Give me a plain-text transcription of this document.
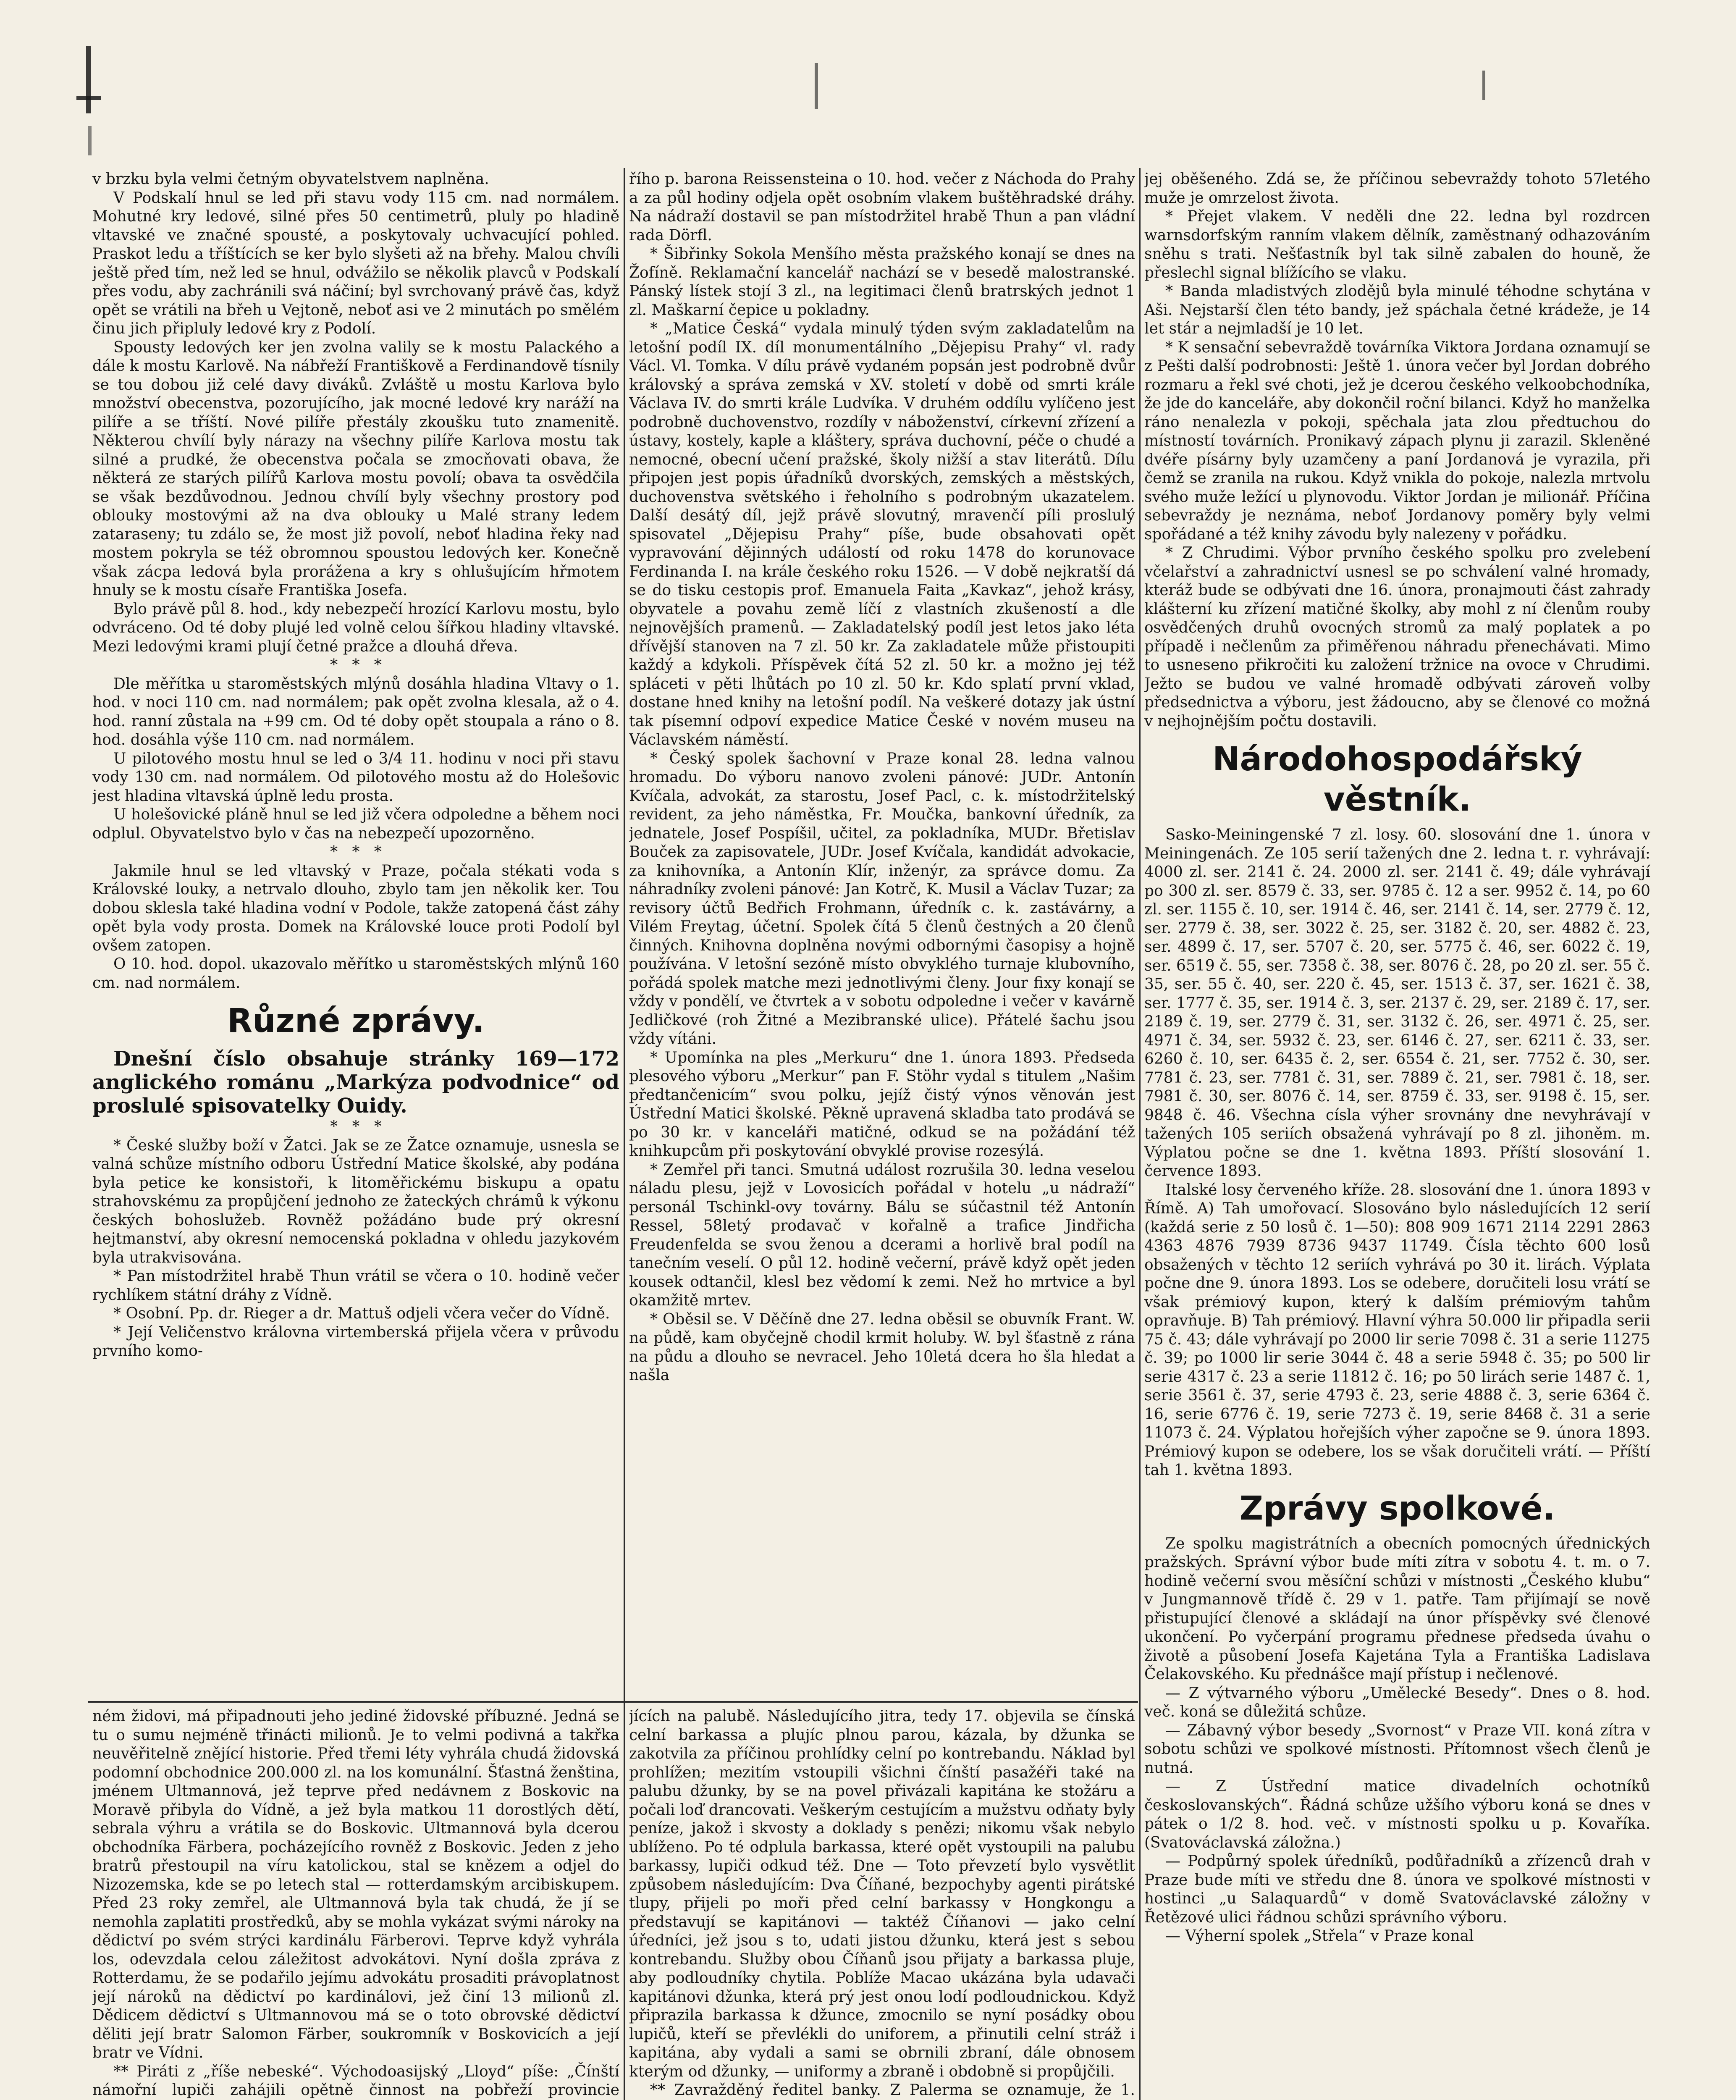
v brzku byla velmi četným obyvatelstvem naplněna.

V Podskalí hnul se led při stavu vody 115 cm. nad normálem. Mohutné kry ledové, silné přes 50 centimetrů, pluly po hladině vltavské ve značné spousté, a poskytovaly uchvacující pohled. Praskot ledu a tříštících se ker bylo slyšeti až na břehy. Malou chvíli ještě před tím, než led se hnul, odvážilo se několik plavců v Podskalí přes vodu, aby zachránili svá náčiní; byl svrchovaný právě čas, když opět se vrátili na břeh u Vejtoně, neboť asi ve 2 minutách po smělém činu jich připluly ledové kry z Podolí.

Spousty ledových ker jen zvolna valily se k mostu Palackého a dále k mostu Karlově. Na nábřeží Františkově a Ferdinandově tísnily se tou dobou již celé davy diváků. Zvláště u mostu Karlova bylo množství obecenstva, pozorujícího, jak mocné ledové kry naráží na pilíře a se tříští. Nové pilíře přestály zkoušku tuto znamenitě. Některou chvílí byly nárazy na všechny pilíře Karlova mostu tak silné a prudké, že obecenstva počala se zmocňovati obava, že některá ze starých pilířů Karlova mostu povolí; obava ta osvědčila se však bezdůvodnou. Jednou chvílí byly všechny prostory pod oblouky mostovými až na dva oblouky u Malé strany ledem zataraseny; tu zdálo se, že most již povolí, neboť hladina řeky nad mostem pokryla se též obromnou spoustou ledových ker. Konečně však zácpa ledová byla prorážena a kry s ohlušujícím hřmotem hnuly se k mostu císaře Františka Josefa.

Bylo právě půl 8. hod., kdy nebezpečí hrozící Karlovu mostu, bylo odvráceno. Od té doby plujé led volně celou šířkou hladiny vltavské. Mezi ledovými krami plují četné pražce a dlouhá dřeva.

*   *   *

Dle měřítka u staroměstských mlýnů dosáhla hladina Vltavy o 1. hod. v noci 110 cm. nad normálem; pak opět zvolna klesala, až o 4. hod. ranní zůstala na +99 cm. Od té doby opět stoupala a ráno o 8. hod. dosáhla výše 110 cm. nad normálem.

U pilotového mostu hnul se led o 3/4 11. hodinu v noci při stavu vody 130 cm. nad normálem. Od pilotového mostu až do Holešovic jest hladina vltavská úplně ledu prosta.

U holešovické pláně hnul se led již včera odpoledne a během noci odplul. Obyvatelstvo bylo v čas na nebezpečí upozorněno.

*   *   *

Jakmile hnul se led vltavský v Praze, počala stékati voda s Královské louky, a netrvalo dlouho, zbylo tam jen několik ker. Tou dobou sklesla také hladina vodní v Podole, takže zatopená část záhy opět byla vody prosta. Domek na Královské louce proti Podolí byl ovšem zatopen.

O 10. hod. dopol. ukazovalo měřítko u staroměstských mlýnů 160 cm. nad normálem.

Různé zprávy.

Dnešní číslo obsahuje stránky 169—172 anglického románu „Markýza podvodnice“ od proslulé spisovatelky Ouidy.

*   *   *

* České služby boží v Žatci. Jak se ze Žatce oznamuje, usnesla se valná schůze místního odboru Ústřední Matice školské, aby podána byla petice ke konsistoři, k litoměřickému biskupu a opatu strahovskému za propůjčení jednoho ze žateckých chrámů k výkonu českých bohoslužeb. Rovněž požádáno bude prý okresní hejtmanství, aby okresní nemocenská pokladna v ohledu jazykovém byla utrakvisována.

* Pan místodržitel hrabě Thun vrátil se včera o 10. hodině večer rychlíkem státní dráhy z Vídně.

* Osobní. Pp. dr. Rieger a dr. Mattuš odjeli včera večer do Vídně.

* Její Veličenstvo královna virtemberská přijela včera v průvodu prvního komo-

řího p. barona Reissensteina o 10. hod. večer z Náchoda do Prahy a za půl hodiny odjela opět osobním vlakem buštěhradské dráhy. Na nádraží dostavil se pan místodržitel hrabě Thun a pan vládní rada Dörfl.

* Šibřinky Sokola Menšího města pražského konají se dnes na Žofíně. Reklamační kancelář nachází se v besedě malostranské. Pánský lístek stojí 3 zl., na legitimaci členů bratrských jednot 1 zl. Maškarní čepice u pokladny.

* „Matice Česká“ vydala minulý týden svým zakladatelům na letošní podíl IX. díl monumentálního „Dějepisu Prahy“ vl. rady Václ. Vl. Tomka. V dílu právě vydaném popsán jest podrobně dvůr královský a správa zemská v XV. století v době od smrti krále Václava IV. do smrti krále Ludvíka. V druhém oddílu vylíčeno jest podrobně duchovenstvo, rozdíly v náboženství, církevní zřízení a ústavy, kostely, kaple a kláštery, správa duchovní, péče o chudé a nemocné, obecní učení pražské, školy nižší a stav literátů. Dílu připojen jest popis úřadníků dvorských, zemských a městských, duchovenstva světského i řeholního s podrobným ukazatelem. Další desátý díl, jejž právě slovutný, mravenčí píli proslulý spisovatel „Dějepisu Prahy“ píše, bude obsahovati opět vypravování dějinných událostí od roku 1478 do korunovace Ferdinanda I. na krále českého roku 1526. — V době nejkratší dá se do tisku cestopis prof. Emanuela Faita „Kavkaz“, jehož krásy, obyvatele a povahu země líčí z vlastních zkušeností a dle nejnovějších pramenů. — Zakladatelský podíl jest letos jako léta dřívější stanoven na 7 zl. 50 kr. Za zakladatele může přistoupiti každý a kdykoli. Příspěvek čítá 52 zl. 50 kr. a možno jej též spláceti v pěti lhůtách po 10 zl. 50 kr. Kdo splatí první vklad, dostane hned knihy na letošní podíl. Na veškeré dotazy jak ústní tak písemní odpoví expedice Matice České v novém museu na Václavském náměstí.

* Český spolek šachovní v Praze konal 28. ledna valnou hromadu. Do výboru nanovo zvoleni pánové: JUDr. Antonín Kvíčala, advokát, za starostu, Josef Pacl, c. k. místodržitelský revident, za jeho náměstka, Fr. Moučka, bankovní úředník, za jednatele, Josef Pospíšil, učitel, za pokladníka, MUDr. Břetislav Bouček za zapisovatele, JUDr. Josef Kvíčala, kandidát advokacie, za knihovníka, a Antonín Klír, inženýr, za správce domu. Za náhradníky zvoleni pánové: Jan Kotrč, K. Musil a Václav Tuzar; za revisory účtů Bedřich Frohmann, úředník c. k. zastávárny, a Vilém Freytag, účetní. Spolek čítá 5 členů čestných a 20 členů činných. Knihovna doplněna novými odbornými časopisy a hojně používána. V letošní sezóně místo obvyklého turnaje klubovního, pořádá spolek matche mezi jednotlivými členy. Jour fixy konají se vždy v pondělí, ve čtvrtek a v sobotu odpoledne i večer v kavárně Jedličkové (roh Žitné a Mezibranské ulice). Přátelé šachu jsou vždy vítáni.

* Upomínka na ples „Merkuru“ dne 1. února 1893. Předseda plesového výboru „Merkur“ pan F. Stöhr vydal s titulem „Našim předtančenicím“ svou polku, jejíž čistý výnos věnován jest Ústřední Matici školské. Pěkně upravená skladba tato prodává se po 30 kr. v kanceláři matičné, odkud se na požádání též knihkupcům při poskytování obvyklé provise rozesýlá.

* Zemřel při tanci. Smutná událost rozrušila 30. ledna veselou náladu plesu, jejž v Lovosicích pořádal v hotelu „u nádraží“ personál Tschinkl-ovy továrny. Bálu se súčastnil též Antonín Ressel, 58letý prodavač v kořalně a trafice Jindřicha Freudenfelda se svou ženou a dcerami a horlivě bral podíl na tanečním veselí. O půl 12. hodině večerní, právě když opět jeden kousek odtančil, klesl bez vědomí k zemi. Než ho mrtvice a byl okamžitě mrtev.

* Oběsil se. V Děčíně dne 27. ledna oběsil se obuvník Frant. W. na půdě, kam obyčejně chodil krmit holuby. W. byl šťastně z rána na půdu a dlouho se nevracel. Jeho 10letá dcera ho šla hledat a našla

ném židovi, má připadnouti jeho jediné židovské příbuzné. Jedná se tu o sumu nejméně třinácti milionů. Je to velmi podivná a takřka neuvěřitelně znějící historie. Před třemi léty vyhrála chudá židovská podomní obchodnice 200.000 zl. na los komunální. Šťastná ženština, jménem Ultmannová, jež teprve před nedávnem z Boskovic na Moravě přibyla do Vídně, a jež byla matkou 11 dorostlých dětí, sebrala výhru a vrátila se do Boskovic. Ultmannová byla dcerou obchodníka Färbera, pocházejícího rovněž z Boskovic. Jeden z jeho bratrů přestoupil na víru katolickou, stal se knězem a odjel do Nizozemska, kde se po letech stal — rotterdamským arcibiskupem. Před 23 roky zemřel, ale Ultmannová byla tak chudá, že jí se nemohla zaplatiti prostředků, aby se mohla vykázat svými nároky na dědictví po svém strýci kardinálu Färberovi. Teprve když vyhrála los, odevzdala celou záležitost advokátovi. Nyní došla zpráva z Rotterdamu, že se podařilo jejímu advokátu prosaditi právoplatnost její nároků na dědictví po kardinálovi, jež činí 13 milionů zl. Dědicem dědictví s Ultmannovou má se o toto obrovské dědictví děliti její bratr Salomon Färber, soukromník v Boskovicích a její bratr ve Vídni.

** Piráti z „říše nebeské“. Východoasijský „Lloyd“ píše: „Čínští námořní lupiči zahájili opětně činnost na pobřeží provincie

jících na palubě. Následujícího jitra, tedy 17. objevila se čínská celní barkassa a plujíc plnou parou, kázala, by džunka se zakotvila za příčinou prohlídky celní po kontrebandu. Náklad byl prohlížen; mezitím vstoupili všichni čínští pasažéři také na palubu džunky, by se na povel přivázali kapitána ke stožáru a počali loď drancovati. Veškerým cestujícím a mužstvu odňaty byly peníze, jakož i skvosty a doklady s penězi; nikomu však nebylo ublíženo. Po té odplula barkassa, které opět vystoupili na palubu barkassy, lupiči odkud též. Dne — Toto převzetí bylo vysvětlit způsobem následujícím: Dva Číňané, bezpochyby agenti pirátské tlupy, přijeli po moři před celní barkassy v Hongkongu a představují se kapitánovi — taktéž Číňanovi — jako celní úředníci, jež jsou s to, udati jistou džunku, která jest s sebou kontrebandu. Služby obou Číňanů jsou přijaty a barkassa pluje, aby podloudníky chytila. Poblíže Macao ukázána byla udavači kapitánovi džunka, která prý jest onou lodí podloudnickou. Když připrazila barkassa k džunce, zmocnilo se nyní posádky obou lupičů, kteří se převlékli do uniforem, a přinutili celní stráž i kapitána, aby vydali a sami se obrnili zbraní, dále obnosem kterým od džunky, — uniformy a zbraně i obdobně si propůjčili.

** Zavražděný ředitel banky. Z Palerma se oznamuje, že 1.

jej oběšeného. Zdá se, že příčinou sebevraždy tohoto 57letého muže je omrzelost života.

* Přejet vlakem. V neděli dne 22. ledna byl rozdrcen warnsdorfským ranním vlakem dělník, zaměstnaný odhazováním sněhu s trati. Nešťastník byl tak silně zabalen do houně, že přeslechl signal blížícího se vlaku.

* Banda mladistvých zlodějů byla minulé téhodne schytána v Aši. Nejstarší člen této bandy, jež spáchala četné krádeže, je 14 let stár a nejmladší je 10 let.

* K sensační sebevraždě továrníka Viktora Jordana oznamují se z Pešti další podrobnosti: Ještě 1. února večer byl Jordan dobrého rozmaru a řekl své choti, jež je dcerou českého velkoobchodníka, že jde do kanceláře, aby dokončil roční bilanci. Když ho manželka ráno nenalezla v pokoji, spěchala jata zlou předtuchou do místností továrních. Pronikavý zápach plynu ji zarazil. Skleněné dvéře písárny byly uzamčeny a paní Jordanová je vyrazila, při čemž se zranila na rukou. Když vnikla do pokoje, nalezla mrtvolu svého muže ležící u plynovodu. Viktor Jordan je milionář. Příčina sebevraždy je neznáma, neboť Jordanovy poměry byly velmi spořádané a též knihy závodu byly nalezeny v pořádku.

* Z Chrudimi. Výbor prvního českého spolku pro zvelebení včelařství a zahradnictví usnesl se po schválení valné hromady, kteráž bude se odbývati dne 16. února, pronajmouti část zahrady klášterní ku zřízení matičné školky, aby mohl z ní členům rouby osvědčených druhů ovocných stromů za malý poplatek a po případě i nečlenům za přiměřenou náhradu přenechávati. Mimo to usneseno přikročiti ku založení tržnice na ovoce v Chrudimi. Ježto se budou ve valné hromadě odbývati zároveň volby předsednictva a výboru, jest žádoucno, aby se členové co možná v nejhojnějším počtu dostavili.

Národohospodářský věstník.

Sasko-Meiningenské 7 zl. losy. 60. slosování dne 1. února v Meiningenách. Ze 105 serií tažených dne 2. ledna t. r. vyhrávají: 4000 zl. ser. 2141 č. 24. 2000 zl. ser. 2141 č. 49; dále vyhrávají po 300 zl. ser. 8579 č. 33, ser. 9785 č. 12 a ser. 9952 č. 14, po 60 zl. ser. 1155 č. 10, ser. 1914 č. 46, ser. 2141 č. 14, ser. 2779 č. 12, ser. 2779 č. 38, ser. 3022 č. 25, ser. 3182 č. 20, ser. 4882 č. 23, ser. 4899 č. 17, ser. 5707 č. 20, ser. 5775 č. 46, ser. 6022 č. 19, ser. 6519 č. 55, ser. 7358 č. 38, ser. 8076 č. 28, po 20 zl. ser. 55 č. 35, ser. 55 č. 40, ser. 220 č. 45, ser. 1513 č. 37, ser. 1621 č. 38, ser. 1777 č. 35, ser. 1914 č. 3, ser. 2137 č. 29, ser. 2189 č. 17, ser. 2189 č. 19, ser. 2779 č. 31, ser. 3132 č. 26, ser. 4971 č. 25, ser. 4971 č. 34, ser. 5932 č. 23, ser. 6146 č. 27, ser. 6211 č. 33, ser. 6260 č. 10, ser. 6435 č. 2, ser. 6554 č. 21, ser. 7752 č. 30, ser. 7781 č. 23, ser. 7781 č. 31, ser. 7889 č. 21, ser. 7981 č. 18, ser. 7981 č. 30, ser. 8076 č. 14, ser. 8759 č. 33, ser. 9198 č. 15, ser. 9848 č. 46. Všechna císla výher srovnány dne nevyhrávají v tažených 105 seriích obsažená vyhrávají po 8 zl. jihoněm. m. Výplatou počne se dne 1. května 1893. Příští slosování 1. července 1893.

Italské losy červeného kříže. 28. slosování dne 1. února 1893 v Římě. A) Tah umořovací. Slosováno bylo následujících 12 serií (každá serie z 50 losů č. 1—50): 808 909 1671 2114 2291 2863 4363 4876 7939 8736 9437 11749. Čísla těchto 600 losů obsažených v těchto 12 seriích vyhrává po 30 it. lirách. Výplata počne dne 9. února 1893. Los se odebere, doručiteli losu vrátí se však prémiový kupon, který k dalším prémiovým tahům opravňuje. B) Tah prémiový. Hlavní výhra 50.000 lir připadla serii 75 č. 43; dále vyhrávají po 2000 lir serie 7098 č. 31 a serie 11275 č. 39; po 1000 lir serie 3044 č. 48 a serie 5948 č. 35; po 500 lir serie 4317 č. 23 a serie 11812 č. 16; po 50 lirách serie 1487 č. 1, serie 3561 č. 37, serie 4793 č. 23, serie 4888 č. 3, serie 6364 č. 16, serie 6776 č. 19, serie 7273 č. 19, serie 8468 č. 31 a serie 11073 č. 24. Výplatou hořejších výher započne se 9. února 1893. Prémiový kupon se odebere, los se však doručiteli vrátí. — Příští tah 1. května 1893.

Zprávy spolkové.

Ze spolku magistrátních a obecních pomocných úřednických pražských. Správní výbor bude míti zítra v sobotu 4. t. m. o 7. hodině večerní svou měsíční schůzi v místnosti „Českého klubu“ v Jungmannově třídě č. 29 v 1. patře. Tam přijímají se nově přistupující členové a skládají na únor příspěvky své členové ukončení. Po vyčerpání programu přednese předseda úvahu o životě a působení Josefa Kajetána Tyla a Františka Ladislava Čelakovského. Ku přednášce mají přístup i nečlenové.

— Z výtvarného výboru „Umělecké Besedy“. Dnes o 8. hod. več. koná se důležitá schůze.

— Zábavný výbor besedy „Svornost“ v Praze VII. koná zítra v sobotu schůzi ve spolkové místnosti. Přítomnost všech členů je nutná.

— Z Ústřední matice divadelních ochotníků českoslovanských“. Řádná schůze užšího výboru koná se dnes v pátek o 1/2 8. hod. več. v místnosti spolku u p. Kovaříka. (Svatováclavská záložna.)

— Podpůrný spolek úředníků, podůřadníků a zřízenců drah v Praze bude míti ve středu dne 8. února ve spolkové místnosti v hostinci „u Salaquardů“ v domě Svatováclavské záložny v Řetězové ulici řádnou schůzi správního výboru.

— Výherní spolek „Střela“ v Praze konal
